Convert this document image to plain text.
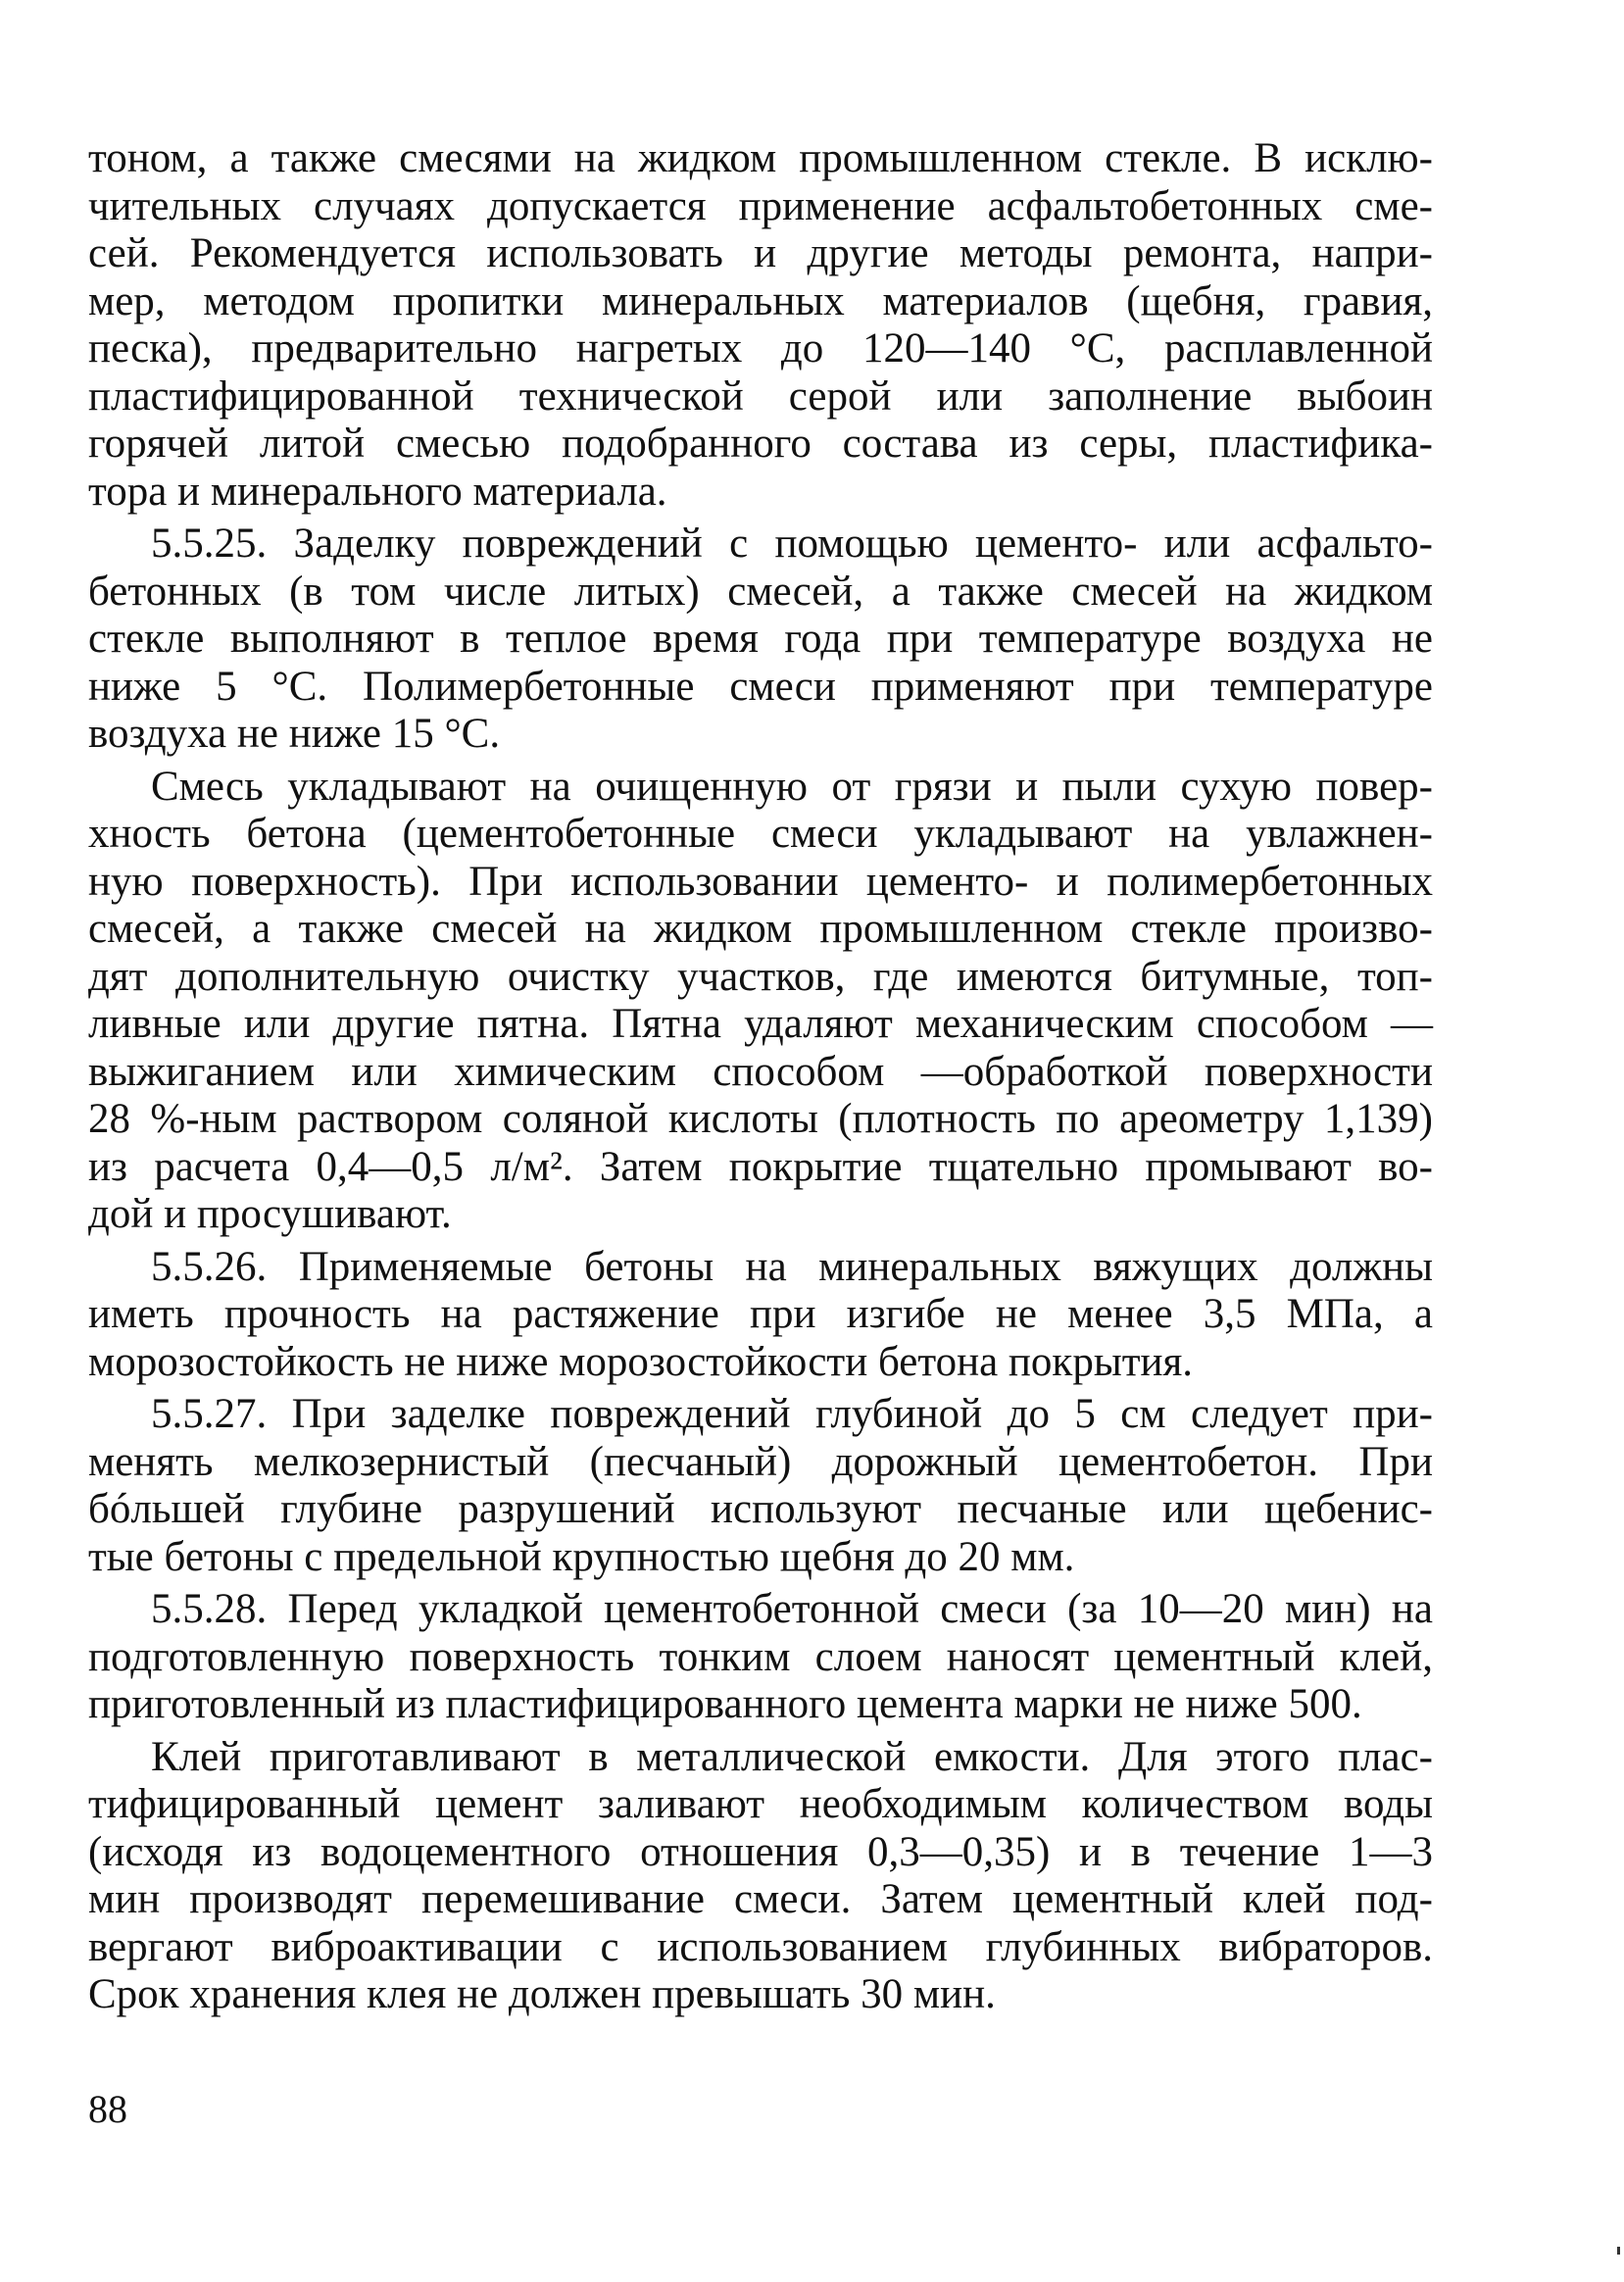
тоном, а также смесями на жидком промышленном стекле. В исклю-
чительных случаях допускается применение асфальтобетонных сме-
сей. Рекомендуется использовать и другие методы ремонта, напри-
мер, методом пропитки минеральных материалов (щебня, гравия,
песка), предварительно нагретых до 120—140 °С, расплавленной
пластифицированной технической серой или заполнение выбоин
горячей литой смесью подобранного состава из серы, пластифика-
тора и минерального материала.
5.5.25. Заделку повреждений с помощью цементо- или асфальто-
бетонных (в том числе литых) смесей, а также смесей на жидком
стекле выполняют в теплое время года при температуре воздуха не
ниже 5 °С. Полимербетонные смеси применяют при температуре
воздуха не ниже 15 °С.
Смесь укладывают на очищенную от грязи и пыли сухую повер-
хность бетона (цементобетонные смеси укладывают на увлажнен-
ную поверхность). При использовании цементо- и полимербетонных
смесей, а также смесей на жидком промышленном стекле произво-
дят дополнительную очистку участков, где имеются битумные, топ-
ливные или другие пятна. Пятна удаляют механическим способом —
выжиганием или химическим способом —обработкой поверхности
28 %-ным раствором соляной кислоты (плотность по ареометру 1,139)
из расчета 0,4—0,5 л/м². Затем покрытие тщательно промывают во-
дой и просушивают.
5.5.26. Применяемые бетоны на минеральных вяжущих должны
иметь прочность на растяжение при изгибе не менее 3,5 МПа, а
морозостойкость не ниже морозостойкости бетона покрытия.
5.5.27. При заделке повреждений глубиной до 5 см следует при-
менять мелкозернистый (песчаный) дорожный цементобетон. При
бóльшей глубине разрушений используют песчаные или щебенис-
тые бетоны с предельной крупностью щебня до 20 мм.
5.5.28. Перед укладкой цементобетонной смеси (за 10—20 мин) на
подготовленную поверхность тонким слоем наносят цементный клей,
приготовленный из пластифицированного цемента марки не ниже 500.
Клей приготавливают в металлической емкости. Для этого плас-
тифицированный цемент заливают необходимым количеством воды
(исходя из водоцементного отношения 0,3—0,35) и в течение 1—3
мин производят перемешивание смеси. Затем цементный клей под-
вергают виброактивации с использованием глубинных вибраторов.
Срок хранения клея не должен превышать 30 мин.
88
